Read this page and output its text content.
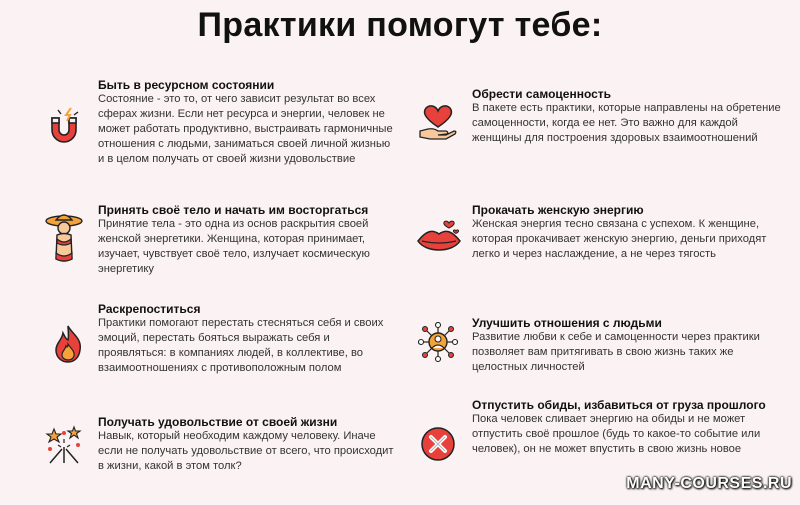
Практики помогут тебе:
Быть в ресурсном состоянии

Состояние - это то, от чего зависит результат во всех сферах жизни. Если нет ресурса и энергии, человек не может работать продуктивно, выстраивать гармоничные отношения с людьми, заниматься своей личной жизнью и в целом получать от своей жизни удовольствие

Принять своё тело и начать им восторгаться

Принятие тела - это одна из основ раскрытия своей женской энергетики. Женщина, которая принимает, изучает, чувствует своё тело, излучает космическую энергетику

Раскрепоститься

Практики помогают перестать стесняться себя и своих эмоций, перестать бояться выражать себя и проявляться: в компаниях людей, в коллективе, во взаимоотношениях с противоположным полом

Получать удовольствие от своей жизни

Навык, который необходим каждому человеку. Иначе если не получать удовольствие от всего, что происходит в жизни, какой в этом толк?

Обрести самоценность

В пакете есть практики, которые направлены на обретение самоценности, когда ее нет. Это важно для каждой женщины для построения здоровых взаимоотношений

Прокачать женскую энергию

Женская энергия тесно связана с успехом. К женщине, которая прокачивает женскую энергию, деньги приходят легко и через наслаждение, а не через тягость

Улучшить отношения с людьми

Развитие любви к себе и самоценности через практики позволяет вам притягивать в свою жизнь таких же целостных личностей

Отпустить обиды, избавиться от груза прошлого

Пока человек сливает энергию на обиды и не может отпустить своё прошлое (будь то какое-то событие или человек), он не может впустить в свою жизнь новое

MANY-COURSES.RU
